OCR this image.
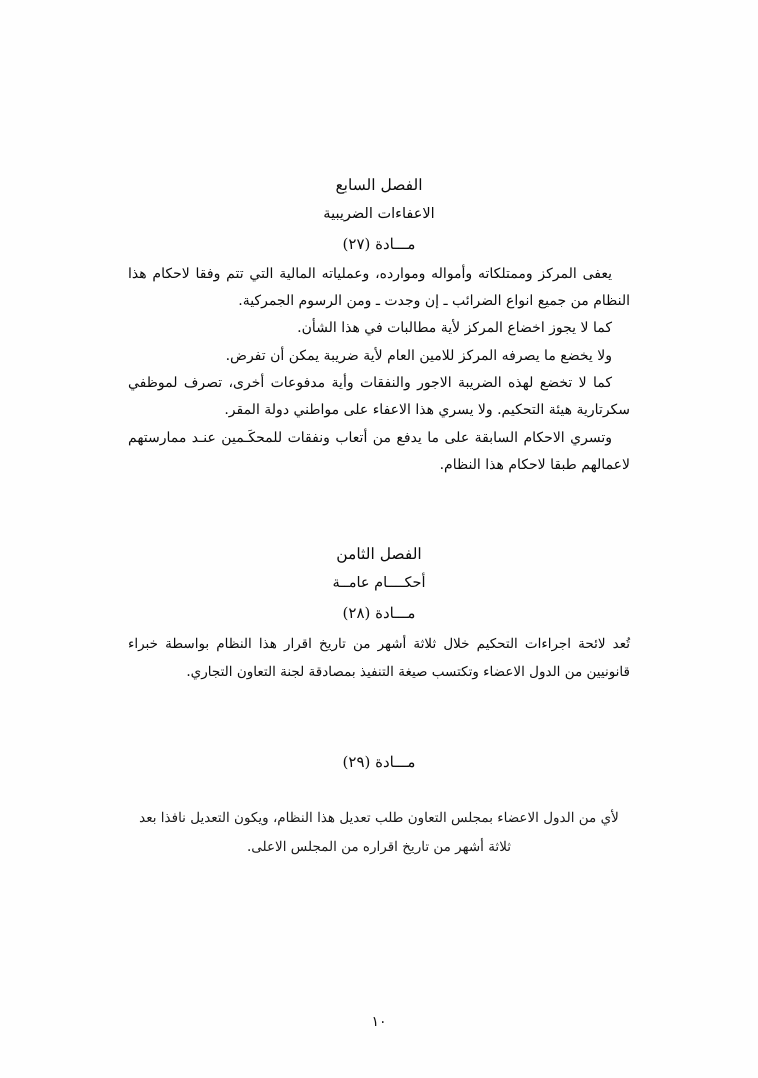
الفصل السابع
الاعفاءات الضريبية
مـــادة (٢٧)

يعفى المركز وممتلكاته وأمواله وموارده، وعملياته المالية التي تتم وفقا لاحكام هذا النظام من جميع انواع الضرائب ـ إن وجدت ـ ومن الرسوم الجمركية.

كما لا يجوز اخضاع المركز لأية مطالبات في هذا الشأن.

ولا يخضع ما يصرفه المركز للامين العام لأية ضريبة يمكن أن تفرض.

كما لا تخضع لهذه الضريبة الاجور والنفقات وأية مدفوعات أخرى، تصرف لموظفي سكرتارية هيئة التحكيم. ولا يسري هذا الاعفاء على مواطني دولة المقر.

وتسري الاحكام السابقة على ما يدفع من أتعاب ونفقات للمحكَـمين عنـد ممارستهم لاعمالهم طبقا لاحكام هذا النظام.

الفصل الثامن
أحكــــام عامــة
مـــادة (٢٨)

تُعد لائحة اجراءات التحكيم خلال ثلاثة أشهر من تاريخ اقرار هذا النظام بواسطة خبراء قانونيين من الدول الاعضاء وتكتسب صيغة التنفيذ بمصادقة لجنة التعاون التجاري.

مـــادة (٢٩)

لأي من الدول الاعضاء بمجلس التعاون طلب تعديل هذا النظام، ويكون التعديل نافذا بعد ثلاثة أشهر من تاريخ اقراره من المجلس الاعلى.

١٠
